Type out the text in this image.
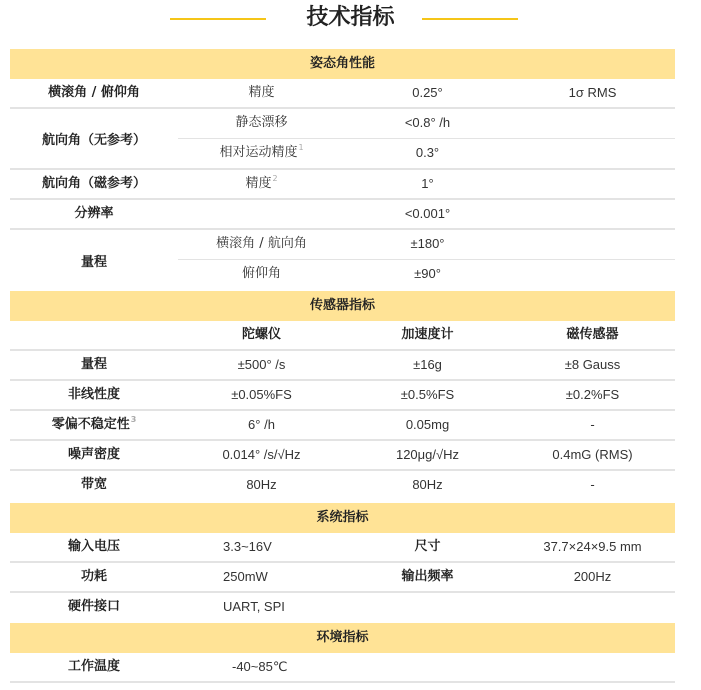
技术指标
姿态角性能
横滚角 / 俯仰角	精度	0.25°	1σ RMS
航向角（无参考）
静态漂移	<0.8° /h
相对运动精度$^1$	0.3°
航向角（磁参考）	精度$^2$	1°
分辨率	<0.001°
量程
横滚角 / 航向角	±180°
俯仰角	±90°
传感器指标
陀螺仪	加速度计	磁传感器
量程	±500° /s	±16g	±8 Gauss
非线性度	±0.05%FS	±0.5%FS	±0.2%FS
零偏不稳定性$^3$	6° /h	0.05mg	-
噪声密度	0.014° /s/√Hz	120μg/√Hz	0.4mG (RMS)
带宽	80Hz	80Hz	-
系统指标
输入电压	3.3~16V	尺寸	37.7×24×9.5 mm
功耗	250mW	输出频率	200Hz
硬件接口	UART, SPI
环境指标
工作温度	-40~85℃
